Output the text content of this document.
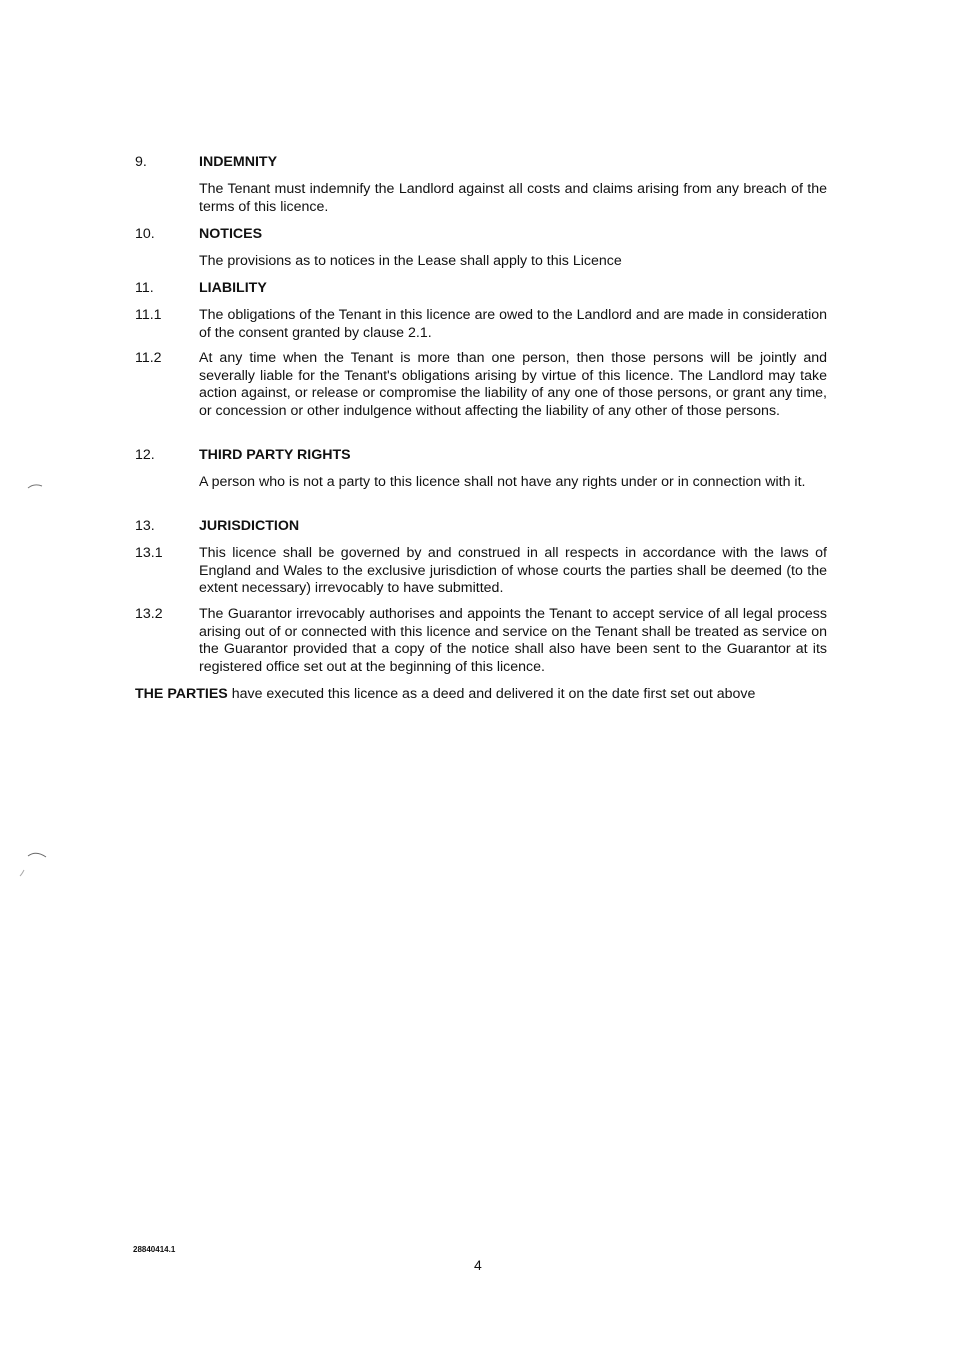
9.	INDEMNITY
The Tenant must indemnify the Landlord against all costs and claims arising from any breach of the terms of this licence.
10.	NOTICES
The provisions as to notices in the Lease shall apply to this Licence
11.	LIABILITY
11.1	The obligations of the Tenant in this licence are owed to the Landlord and are made in consideration of the consent granted by clause 2.1.
11.2	At any time when the Tenant is more than one person, then those persons will be jointly and severally liable for the Tenant's obligations arising by virtue of this licence. The Landlord may take action against, or release or compromise the liability of any one of those persons, or grant any time, or concession or other indulgence without affecting the liability of any other of those persons.
12.	THIRD PARTY RIGHTS
A person who is not a party to this licence shall not have any rights under or in connection with it.
13.	JURISDICTION
13.1	This licence shall be governed by and construed in all respects in accordance with the laws of England and Wales to the exclusive jurisdiction of whose courts the parties shall be deemed (to the extent necessary) irrevocably to have submitted.
13.2	The Guarantor irrevocably authorises and appoints the Tenant to accept service of all legal process arising out of or connected with this licence and service on the Tenant shall be treated as service on the Guarantor provided that a copy of the notice shall also have been sent to the Guarantor at its registered office set out at the beginning of this licence.
THE PARTIES have executed this licence as a deed and delivered it on the date first set out above
28840414.1
4
